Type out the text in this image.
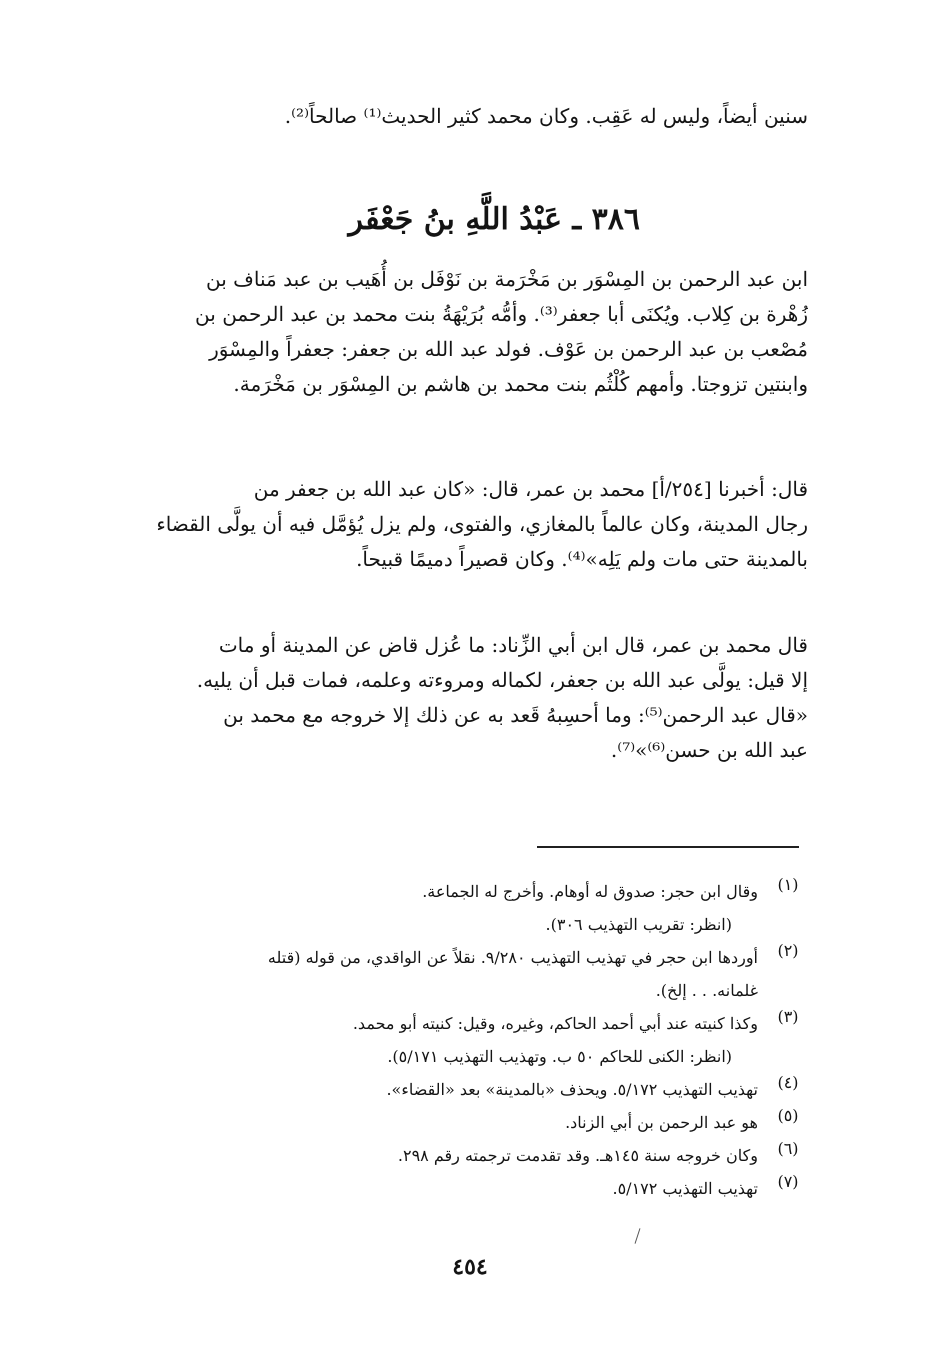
سنين أيضاً، وليس له عَقِب. وكان محمد كثير الحديث⁽¹⁾ صالحاً⁽²⁾.
٣٨٦ ـ عَبْدُ اللَّهِ بنُ جَعْفَر

ابن عبد الرحمن بن المِسْوَر بن مَخْرَمة بن نَوْفَل بن أُهَيب بن عبد مَناف بن

زُهْرة بن كِلاب. ويُكنَى أبا جعفر⁽³⁾. وأمُّه بُرَيْهَةُ بنت محمد بن عبد الرحمن بن

مُصْعب بن عبد الرحمن بن عَوْف. فولد عبد الله بن جعفر: جعفراً والمِسْوَر

وابنتين تزوجتا. وأمهم كُلْثُم بنت محمد بن هاشم بن المِسْوَر بن مَخْرَمة.

قال: أخبرنا [٢٥٤/أ] محمد بن عمر، قال: «كان عبد الله بن جعفر من

رجال المدينة، وكان عالماً بالمغازي، والفتوى، ولم يزل يُؤمَّل فيه أن يولَّى القضاء

بالمدينة حتى مات ولم يَلِه»⁽⁴⁾. وكان قصيراً دميمًا قبيحاً.

قال محمد بن عمر، قال ابن أبي الزِّناد: ما عُزل قاض عن المدينة أو مات

إلا قيل: يولَّى عبد الله بن جعفر، لكماله ومروءته وعلمه، فمات قبل أن يليه.

«قال عبد الرحمن⁽⁵⁾: وما أحسِبهُ قَعد به عن ذلك إلا خروجه مع محمد بن

عبد الله بن حسن⁽⁶⁾»⁽⁷⁾.

(١)
وقال ابن حجر: صدوق له أوهام. وأخرج له الجماعة.
(انظر: تقريب التهذيب ٣٠٦).
(٢)
أوردها ابن حجر في تهذيب التهذيب ٩/٢٨٠. نقلاً عن الواقدي، من قوله (قتله
غلمانه. . . إلخ).
(٣)
وكذا كنيته عند أبي أحمد الحاكم، وغيره، وقيل: كنيته أبو محمد.
(انظر: الكنى للحاكم ٥٠ ب. وتهذيب التهذيب ٥/١٧١).
(٤)
تهذيب التهذيب ٥/١٧٢. ويحذف «بالمدينة» بعد «القضاء».
(٥)
هو عبد الرحمن بن أبي الزناد.
(٦)
وكان خروجه سنة ١٤٥هـ. وقد تقدمت ترجمته رقم ٢٩٨.
(٧)
تهذيب التهذيب ٥/١٧٢.
٤٥٤
